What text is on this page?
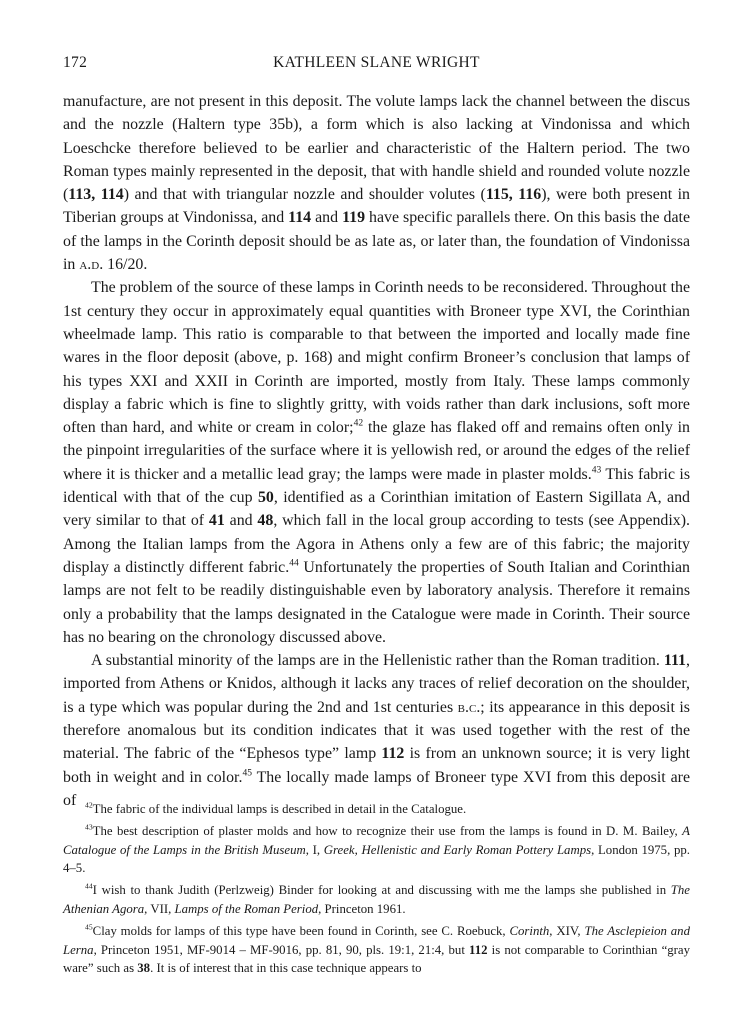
172	KATHLEEN SLANE WRIGHT

manufacture, are not present in this deposit. The volute lamps lack the channel between the discus and the nozzle (Haltern type 35b), a form which is also lacking at Vindonissa and which Loeschcke therefore believed to be earlier and characteristic of the Haltern period. The two Roman types mainly represented in the deposit, that with handle shield and rounded volute nozzle (113, 114) and that with triangular nozzle and shoulder volutes (115, 116), were both present in Tiberian groups at Vindonissa, and 114 and 119 have specific parallels there. On this basis the date of the lamps in the Corinth deposit should be as late as, or later than, the foundation of Vindonissa in a.d. 16/20.

The problem of the source of these lamps in Corinth needs to be reconsidered. Throughout the 1st century they occur in approximately equal quantities with Broneer type XVI, the Corinthian wheelmade lamp. This ratio is comparable to that between the imported and locally made fine wares in the floor deposit (above, p. 168) and might confirm Broneer’s conclusion that lamps of his types XXI and XXII in Corinth are imported, mostly from Italy. These lamps commonly display a fabric which is fine to slightly gritty, with voids rather than dark inclusions, soft more often than hard, and white or cream in color;$^{42}$ the glaze has flaked off and remains often only in the pinpoint irregularities of the surface where it is yellowish red, or around the edges of the relief where it is thicker and a metallic lead gray; the lamps were made in plaster molds.$^{43}$ This fabric is identical with that of the cup 50, identified as a Corinthian imitation of Eastern Sigillata A, and very similar to that of 41 and 48, which fall in the local group according to tests (see Appendix). Among the Italian lamps from the Agora in Athens only a few are of this fabric; the majority display a distinctly different fabric.$^{44}$ Unfortunately the properties of South Italian and Corinthian lamps are not felt to be readily distinguishable even by laboratory analysis. Therefore it remains only a probability that the lamps designated in the Catalogue were made in Corinth. Their source has no bearing on the chronology discussed above.

A substantial minority of the lamps are in the Hellenistic rather than the Roman tradition. 111, imported from Athens or Knidos, although it lacks any traces of relief decoration on the shoulder, is a type which was popular during the 2nd and 1st centuries b.c.; its appearance in this deposit is therefore anomalous but its condition indicates that it was used together with the rest of the material. The fabric of the “Ephesos type” lamp 112 is from an unknown source; it is very light both in weight and in color.$^{45}$ The locally made lamps of Broneer type XVI from this deposit are of	$^{42}$The fabric of the individual lamps is described in detail in the Catalogue.

$^{43}$The best description of plaster molds and how to recognize their use from the lamps is found in D. M. Bailey, A Catalogue of the Lamps in the British Museum, I, Greek, Hellenistic and Early Roman Pottery Lamps, London 1975, pp. 4–5.

$^{44}$I wish to thank Judith (Perlzweig) Binder for looking at and discussing with me the lamps she published in The Athenian Agora, VII, Lamps of the Roman Period, Princeton 1961.

$^{45}$Clay molds for lamps of this type have been found in Corinth, see C. Roebuck, Corinth, XIV, The Asclepieion and Lerna, Princeton 1951, MF-9014 – MF-9016, pp. 81, 90, pls. 19:1, 21:4, but 112 is not comparable to Corinthian “gray ware” such as 38. It is of interest that in this case technique appears to
